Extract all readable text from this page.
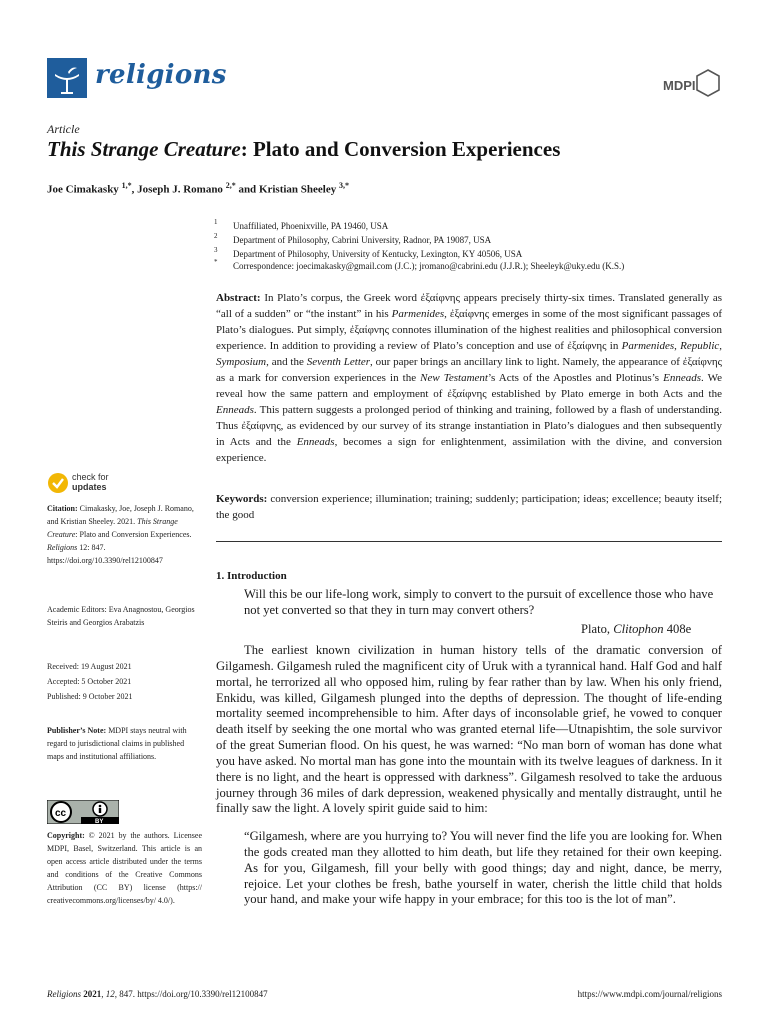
religions	MDPI
Article
This Strange Creature: Plato and Conversion Experiences
Joe Cimakasky $^{1,*}$, Joseph J. Romano $^{2,*}$ and Kristian Sheeley $^{3,*}$
1 Unaffiliated, Phoenixville, PA 19460, USA
2 Department of Philosophy, Cabrini University, Radnor, PA 19087, USA
3 Department of Philosophy, University of Kentucky, Lexington, KY 40506, USA
* Correspondence: joecimakasky@gmail.com (J.C.); jromano@cabrini.edu (J.J.R.); Sheeleyk@uky.edu (K.S.)
Abstract: In Plato’s corpus, the Greek word ἐξαίφνης appears precisely thirty-six times. Translated generally as “all of a sudden” or “the instant” in his Parmenides, ἐξαίφνης emerges in some of the most significant passages of Plato’s dialogues. Put simply, ἐξαίφνης connotes illumination of the highest realities and philosophical conversion experience. In addition to providing a review of Plato’s conception and use of ἐξαίφνης in Parmenides, Republic, Symposium, and the Seventh Letter, our paper brings an ancillary link to light. Namely, the appearance of ἐξαίφνης as a mark for conversion experiences in the New Testament’s Acts of the Apostles and Plotinus’s Enneads. We reveal how the same pattern and employment of ἐξαίφνης established by Plato emerge in both Acts and the Enneads. This pattern suggests a prolonged period of thinking and training, followed by a flash of understanding. Thus ἐξαίφνης, as evidenced by our survey of its strange instantiation in Plato’s dialogues and then subsequently in Acts and the Enneads, becomes a sign for enlightenment, assimilation with the divine, and conversion experience.
Keywords: conversion experience; illumination; training; suddenly; participation; ideas; excellence; beauty itself; the good
check for
updates
Citation: Cimakasky, Joe, Joseph J. Romano, and Kristian Sheeley. 2021. This Strange Creature: Plato and Conversion Experiences. Religions 12: 847. https://doi.org/10.3390/rel12100847
Academic Editors: Eva Anagnostou, Georgios Steiris and Georgios Arabatzis
Received: 19 August 2021
Accepted: 5 October 2021
Published: 9 October 2021
Publisher’s Note: MDPI stays neutral with regard to jurisdictional claims in published maps and institutional affiliations.
cc
BY
Copyright: © 2021 by the authors. Licensee MDPI, Basel, Switzerland. This article is an open access article distributed under the terms and conditions of the Creative Commons Attribution (CC BY) license (https:// creativecommons.org/licenses/by/ 4.0/).
1. Introduction
Will this be our life-long work, simply to convert to the pursuit of excellence those who have not yet converted so that they in turn may convert others?
Plato, Clitophon 408e
The earliest known civilization in human history tells of the dramatic conversion of Gilgamesh. Gilgamesh ruled the magnificent city of Uruk with a tyrannical hand. Half God and half mortal, he terrorized all who opposed him, ruling by fear rather than by law. When his only friend, Enkidu, was killed, Gilgamesh plunged into the depths of depression. The thought of life-ending mortality seemed incomprehensible to him. After days of inconsolable grief, he vowed to conquer death itself by seeking the one mortal who was granted eternal life—Utnapishtim, the sole survivor of the great Sumerian flood. On his quest, he was warned: “No man born of woman has done what you have asked. No mortal man has gone into the mountain with its twelve leagues of darkness. In it there is no light, and the heart is oppressed with darkness”. Gilgamesh resolved to take the arduous journey through 36 miles of dark depression, weakened physically and mentally distraught, until he finally saw the light. A lovely spirit guide said to him:
“Gilgamesh, where are you hurrying to? You will never find the life you are looking for. When the gods created man they allotted to him death, but life they retained for their own keeping. As for you, Gilgamesh, fill your belly with good things; day and night, dance, be merry, rejoice. Let your clothes be fresh, bathe yourself in water, cherish the little child that holds your hand, and make your wife happy in your embrace; for this too is the lot of man”.
Religions 2021, 12, 847. https://doi.org/10.3390/rel12100847	https://www.mdpi.com/journal/religions
